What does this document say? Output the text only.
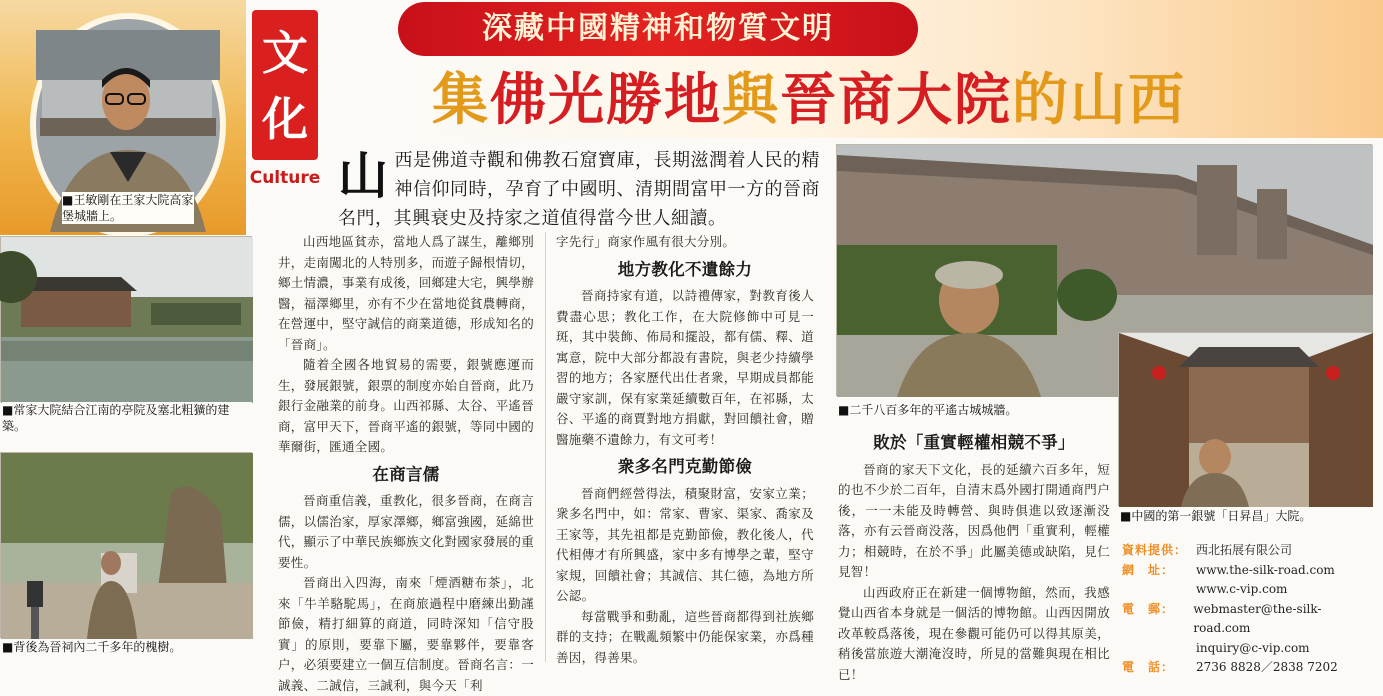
深藏中國精神和物質文明
集佛光勝地與晉商大院的山西
文化
Culture
■王敏剛在王家大院高家堡城牆上。
■常家大院結合江南的亭院及塞北粗獷的建築。
■背後為晉祠內二千多年的槐樹。
山西是佛道寺觀和佛教石窟寶庫，長期滋潤着人民的精神信仰同時，孕育了中國明、清期間富甲一方的晉商名門，其興衰史及持家之道值得當今世人細讀。

山西地區貧赤，當地人爲了謀生，離鄉別井，走南闖北的人特別多，而遊子歸根情切，鄉土情濃，事業有成後，回鄉建大宅，興學辦醫，福澤鄉里，亦有不少在當地從貧農轉商，在營運中，堅守誠信的商業道德，形成知名的「晉商」。

隨着全國各地貿易的需要，銀號應運而生，發展銀號，銀票的制度亦始自晉商，此乃銀行金融業的前身。山西祁縣、太谷、平遙晉商，富甲天下，晉商平遙的銀號，等同中國的華爾街，匯通全國。

在商言儒

晉商重信義，重教化，很多晉商，在商言儒，以儒治家，厚家澤鄉，鄉富強國，延綿世代，顯示了中華民族鄉族文化對國家發展的重要性。

晉商出入四海，南來「煙酒糖布茶」，北來「牛羊駱駝馬」，在商旅過程中磨練出勤謹節儉，精打細算的商道，同時深知「信守股實」的原則，要靠下屬，要靠夥伴，要靠客户，必須要建立一個互信制度。晉商名言：一誠義、二誠信，三誠利，與今天「利

字先行」商家作風有很大分別。

地方教化不遺餘力

晉商持家有道，以詩禮傳家，對教育後人費盡心思；教化工作，在大院修飾中可見一斑，其中裝飾、佈局和擺設，都有儒、釋、道寓意，院中大部分都設有書院，與老少持續學習的地方；各家歷代出仕者衆，早期成員都能嚴守家訓，保有家業延續數百年，在祁縣，太谷、平遙的商賈對地方捐獻，對回饋社會，贈醫施藥不遺餘力，有文可考！

衆多名門克勤節儉

晉商們經營得法，積聚財富，安家立業；衆多名門中，如：常家、曹家、渠家、喬家及王家等，其先祖都是克勤節儉，教化後人，代代相傳才有所興盛，家中多有博學之輩，堅守家規，回饋社會；其誠信、其仁德，為地方所公認。

每當戰爭和動亂，這些晉商都得到社族鄉群的支持；在戰亂頻繁中仍能保家業，亦爲種善因，得善果。

■二千八百多年的平遙古城城牆。
■中國的第一銀號「日昇昌」大院。
敗於「重實輕權相競不爭」

晉商的家天下文化，長的延續六百多年，短的也不少於二百年，自清末爲外國打開通商門户後，一一未能及時轉營、與時俱進以致逐漸没落，亦有云晉商没落，因爲他們「重實利，輕權力；相競時，在於不爭」此屬美德或缺陷，見仁見智！

山西政府正在新建一個博物館，然而，我感覺山西省本身就是一個活的博物館。山西因開放改革較爲落後，現在參觀可能仍可以得其原美，稍後當旅遊大潮淹沒時，所見的當難與現在相比已！

資料提供： 西北拓展有限公司
網　址：	www.the-silk-road.com
www.c-vip.com
電　郵：	webmaster@the-silk-road.com
inquiry@c-vip.com
電　話：	2736 8828／2838 7202
